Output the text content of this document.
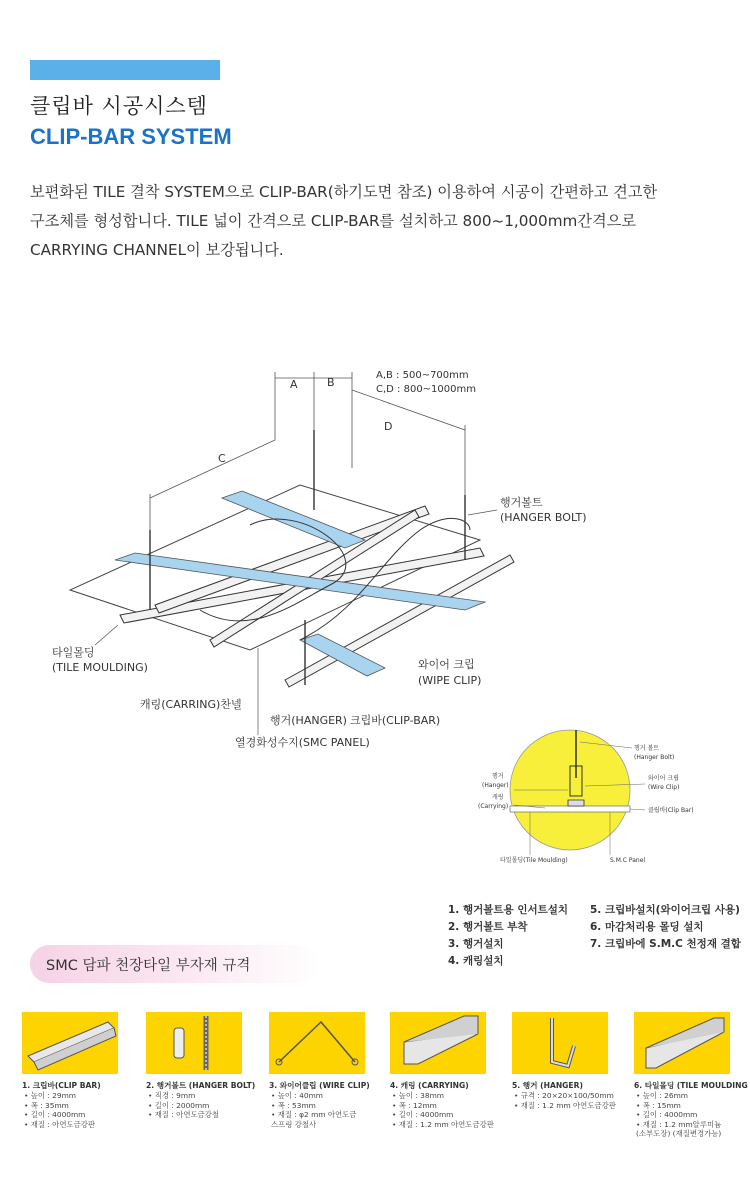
클립바 시공시스템
CLIP-BAR SYSTEM

보편화된 TILE 결착 SYSTEM으로 CLIP-BAR(하기도면 참조) 이용하여 시공이 간편하고 견고한

구조체를 형성합니다. TILE 넓이 간격으로 CLIP-BAR를 설치하고 800~1,000mm간격으로

CARRYING CHANNEL이 보강됩니다.

A	B
C
D
A,B : 500~700mm
C,D : 800~1000mm
행거볼트
(HANGER BOLT)
타일몰딩
(TILE MOULDING)	와이어 크립
(WIPE CLIP)
캐링(CARRING)찬넬
행거(HANGER) 크립바(CLIP-BAR)
열경화성수지(SMC PANEL)	행거 볼트
(Hanger Bolt)
행거
(Hanger)
캐링
(Carrying)
와이어 크립
(Wire Clip)
클립바(Clip Bar)
타일몰딩(Tile Moulding)	S.M.C Panel
1. 행거볼트용 인서트설치
2. 행거볼트 부착
3. 행거설치
4. 캐링설치
5. 크립바설치(와이어크립 사용)
6. 마감처리용 몰딩 설치
7. 크립바에 S.M.C 천정재 결합
SMC 담파 천장타일 부자재 규격
1. 크립바(CLIP BAR)
• 높이 : 29mm
• 폭 : 35mm
• 길이 : 4000mm
• 재질 : 아연도금강판
2. 행거볼트 (HANGER BOLT)
• 직경 : 9mm
• 길이 : 2000mm
• 재질 : 아연도금강철
3. 와이어클립 (WIRE CLIP)
• 높이 : 40mm
• 폭 : 53mm
• 재질 : φ2 mm 아연도금
스프링 강철사
4. 캐링 (CARRYING)
• 높이 : 38mm
• 폭 : 12mm
• 길이 : 4000mm
• 재질 : 1.2 mm 아연도금강판
5. 행거 (HANGER)
• 규격 : 20×20×100/50mm
• 재질 : 1.2 mm 아연도금강판
6. 타일몰딩 (TILE MOULDING
• 높이 : 26mm
• 폭 : 15mm
• 길이 : 4000mm
• 재질 : 1.2 mm알루미늄
(소부도장) (재질변경가능)
